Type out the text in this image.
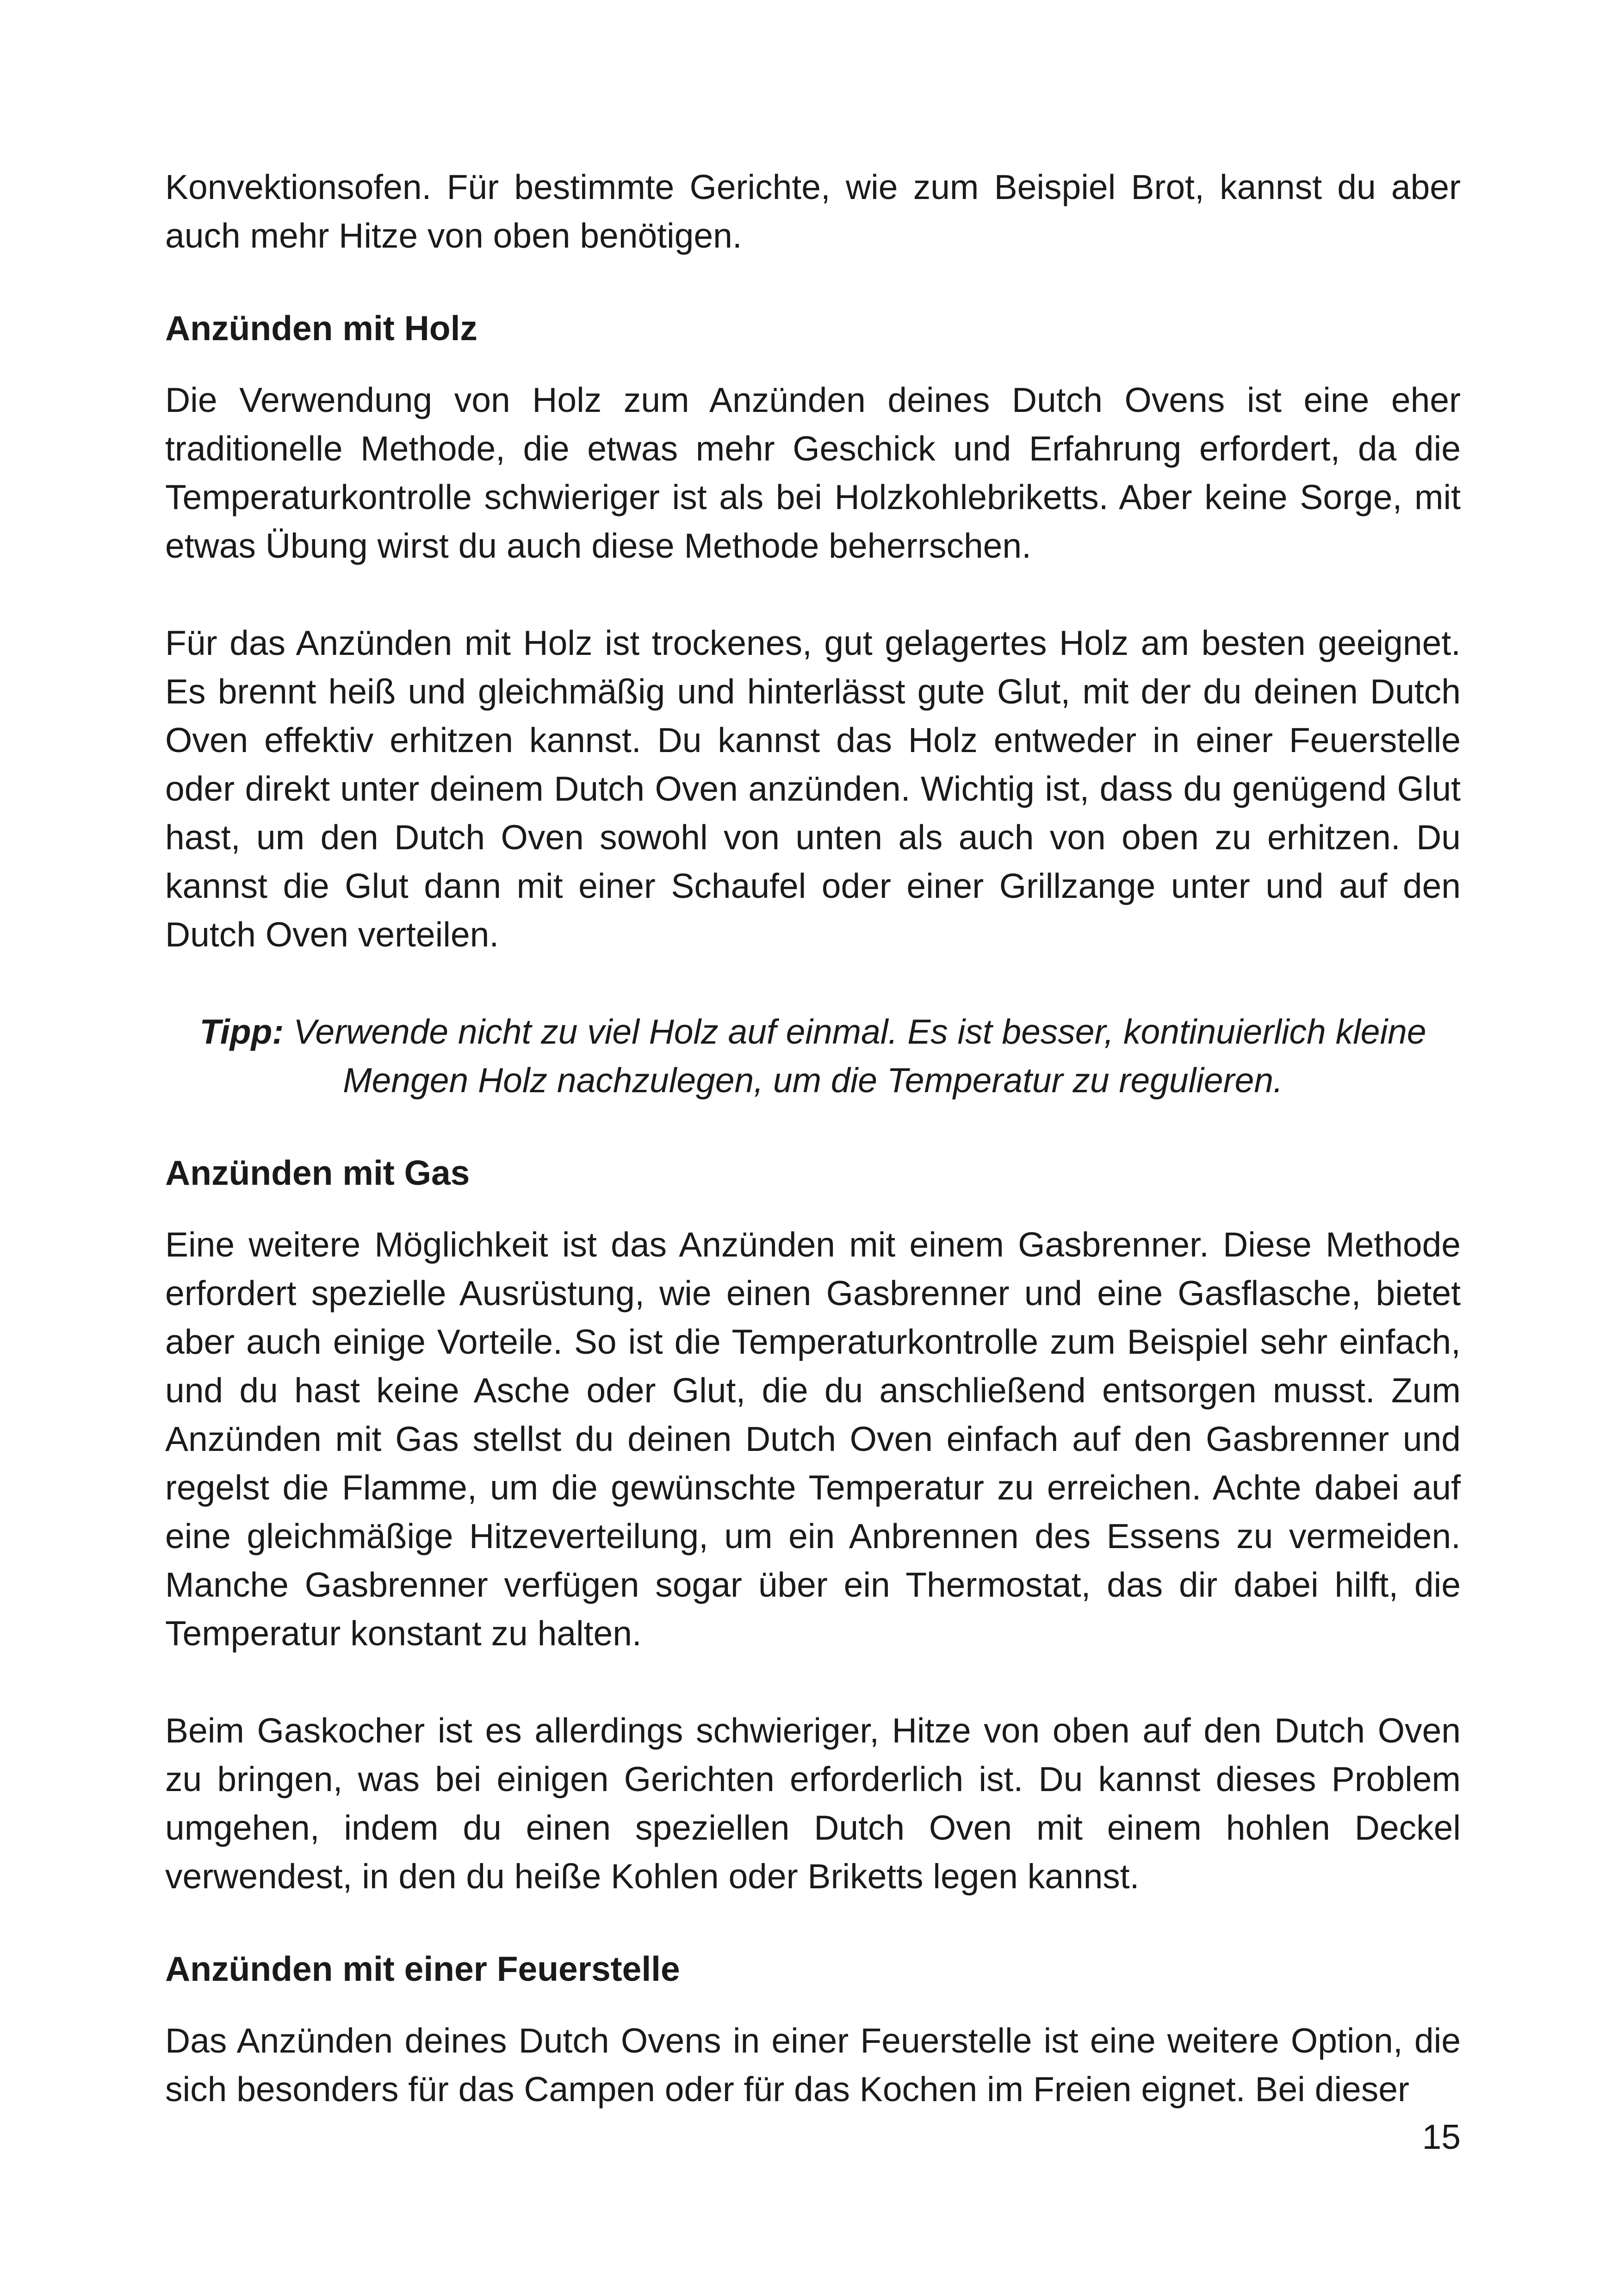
Konvektionsofen. Für bestimmte Gerichte, wie zum Beispiel Brot, kannst du aber auch mehr Hitze von oben benötigen.

Anzünden mit Holz

Die Verwendung von Holz zum Anzünden deines Dutch Ovens ist eine eher traditionelle Methode, die etwas mehr Geschick und Erfahrung erfordert, da die Temperaturkontrolle schwieriger ist als bei Holzkohlebriketts. Aber keine Sorge, mit etwas Übung wirst du auch diese Methode beherrschen.

Für das Anzünden mit Holz ist trockenes, gut gelagertes Holz am besten geeignet. Es brennt heiß und gleichmäßig und hinterlässt gute Glut, mit der du deinen Dutch Oven effektiv erhitzen kannst. Du kannst das Holz entweder in einer Feuerstelle oder direkt unter deinem Dutch Oven anzünden. Wichtig ist, dass du genügend Glut hast, um den Dutch Oven sowohl von unten als auch von oben zu erhitzen. Du kannst die Glut dann mit einer Schaufel oder einer Grillzange unter und auf den Dutch Oven verteilen.

Tipp: Verwende nicht zu viel Holz auf einmal. Es ist besser, kontinuierlich kleine Mengen Holz nachzulegen, um die Temperatur zu regulieren.
Anzünden mit Gas

Eine weitere Möglichkeit ist das Anzünden mit einem Gasbrenner. Diese Methode erfordert spezielle Ausrüstung, wie einen Gasbrenner und eine Gasflasche, bietet aber auch einige Vorteile. So ist die Temperaturkontrolle zum Beispiel sehr einfach, und du hast keine Asche oder Glut, die du anschließend entsorgen musst. Zum Anzünden mit Gas stellst du deinen Dutch Oven einfach auf den Gasbrenner und regelst die Flamme, um die gewünschte Temperatur zu erreichen. Achte dabei auf eine gleichmäßige Hitzeverteilung, um ein Anbrennen des Essens zu vermeiden. Manche Gasbrenner verfügen sogar über ein Thermostat, das dir dabei hilft, die Temperatur konstant zu halten.

Beim Gaskocher ist es allerdings schwieriger, Hitze von oben auf den Dutch Oven zu bringen, was bei einigen Gerichten erforderlich ist. Du kannst dieses Problem umgehen, indem du einen speziellen Dutch Oven mit einem hohlen Deckel verwendest, in den du heiße Kohlen oder Briketts legen kannst.

Anzünden mit einer Feuerstelle

Das Anzünden deines Dutch Ovens in einer Feuerstelle ist eine weitere Option, die sich besonders für das Campen oder für das Kochen im Freien eignet. Bei dieser

15
